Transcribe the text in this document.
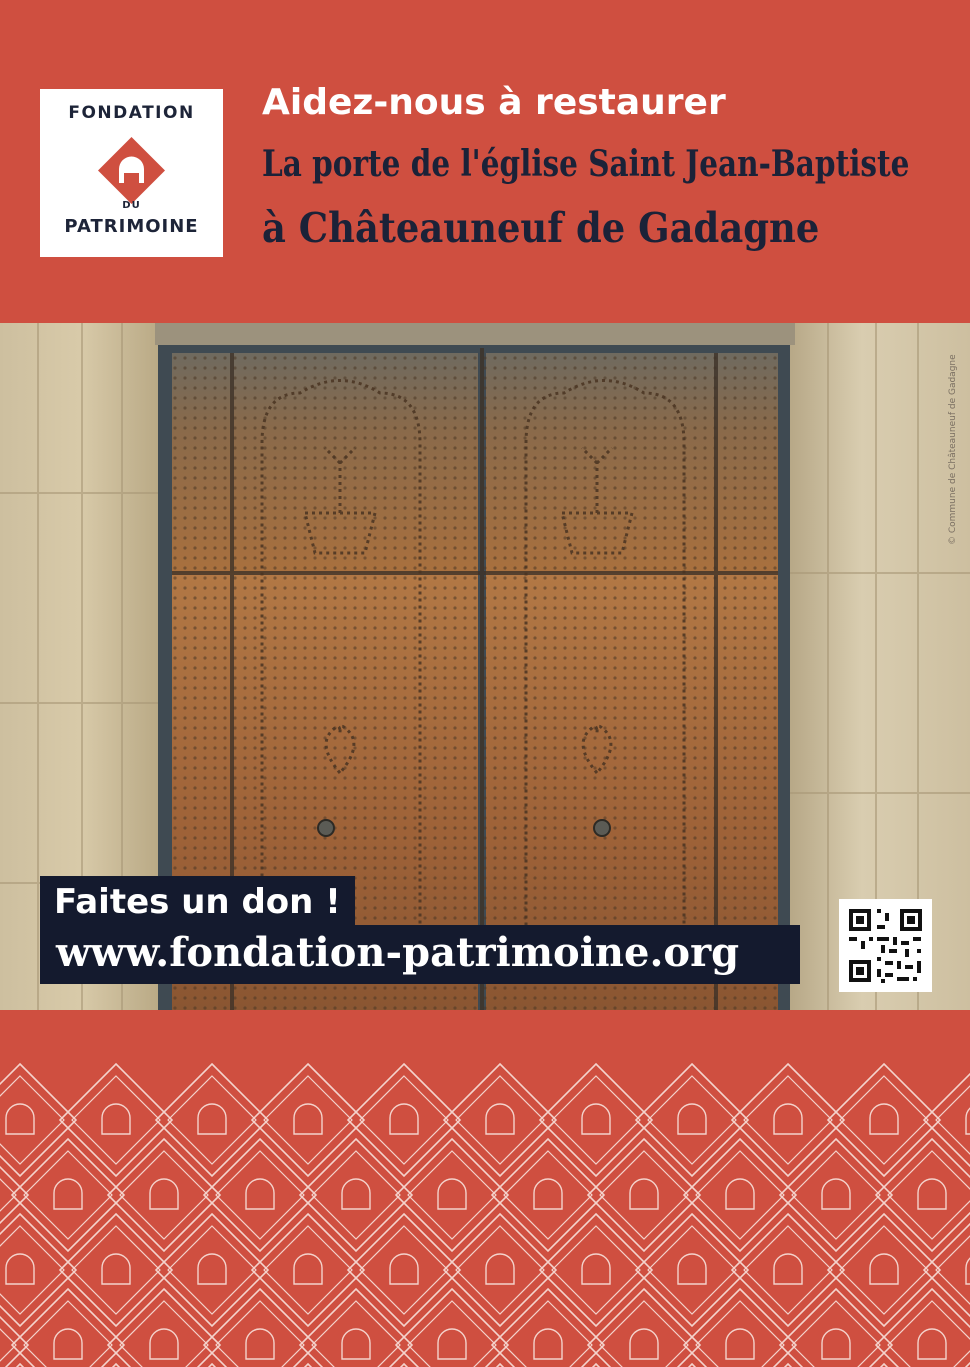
FONDATION
DU
PATRIMOINE
Aidez-nous à restaurer
La porte de l'église Saint Jean-Baptiste
à Châteauneuf de Gadagne
© Commune de Châteauneuf de Gadagne
Faites un don !
www.fondation-patrimoine.org
